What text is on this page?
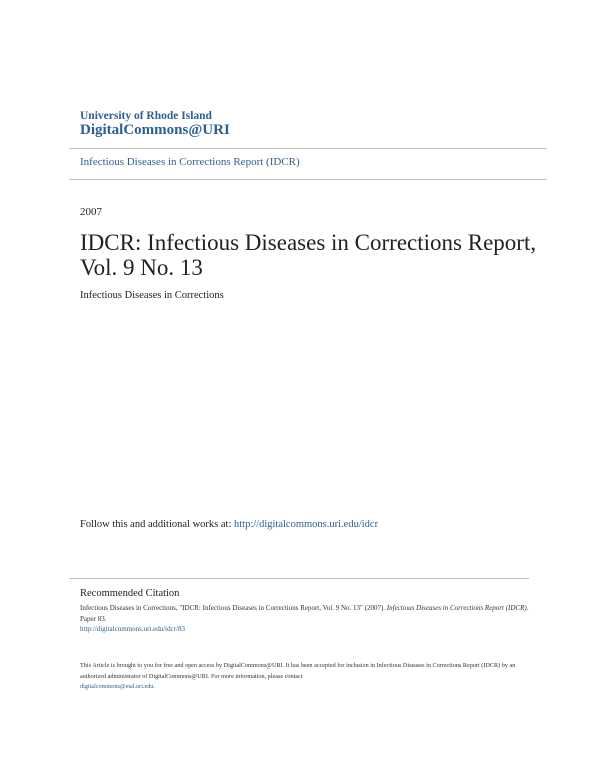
University of Rhode Island
DigitalCommons@URI
Infectious Diseases in Corrections Report (IDCR)
2007
IDCR: Infectious Diseases in Corrections Report, Vol. 9 No. 13
Infectious Diseases in Corrections
Follow this and additional works at: http://digitalcommons.uri.edu/idcr
Recommended Citation
Infectious Diseases in Corrections, "IDCR: Infectious Diseases in Corrections Report, Vol. 9 No. 13" (2007). Infectious Diseases in Corrections Report (IDCR). Paper 83.
http://digitalcommons.uri.edu/idcr/83
This Article is brought to you for free and open access by DigitalCommons@URI. It has been accepted for inclusion in Infectious Diseases in Corrections Report (IDCR) by an authorized administrator of DigitalCommons@URI. For more information, please contact
digitalcommons@etal.uri.edu.
